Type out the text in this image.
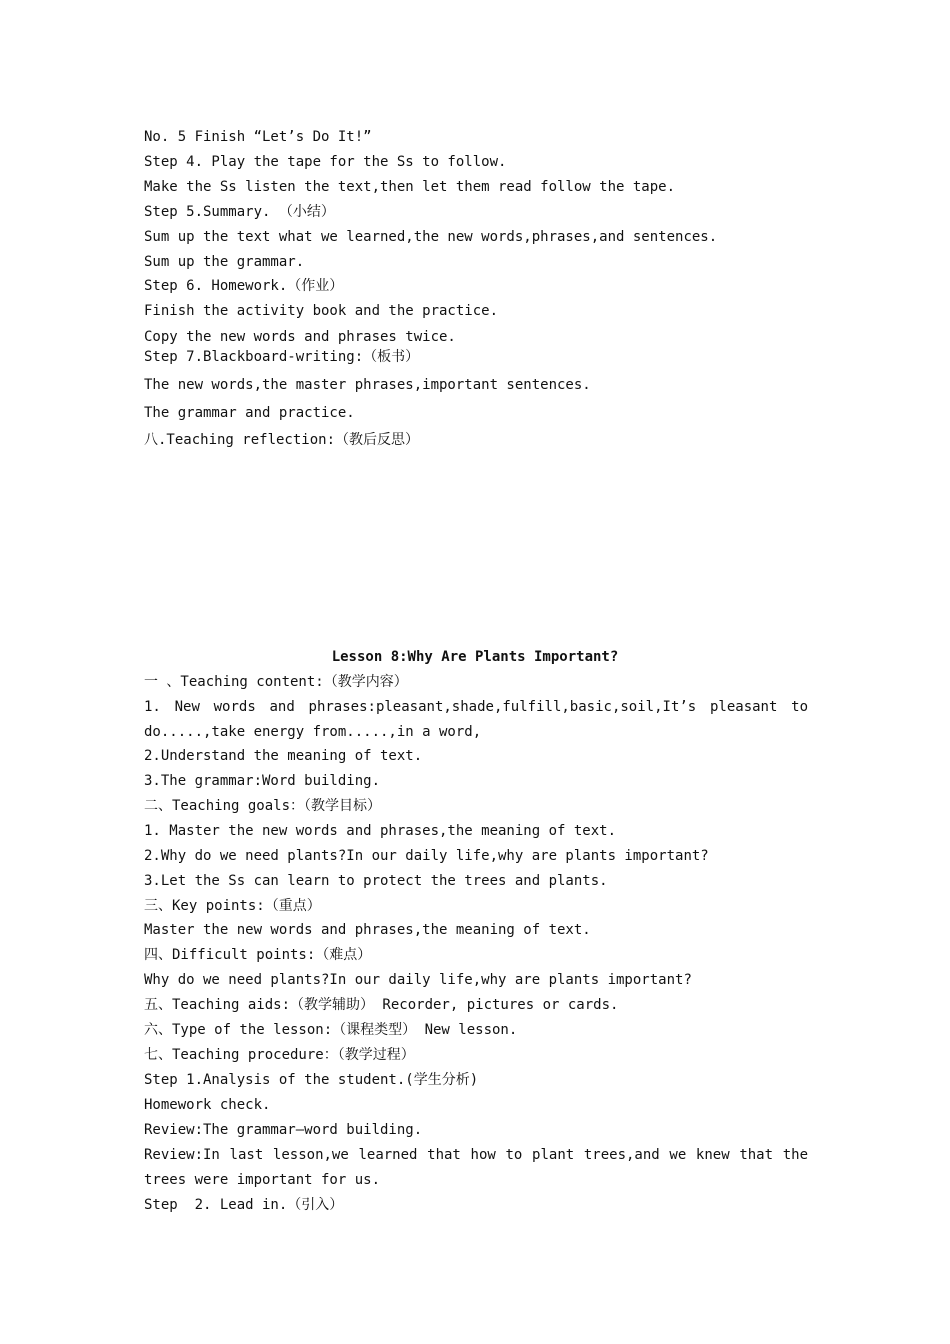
No. 5 Finish “Let’s Do It!”
Step 4. Play the tape for the Ss to follow.
Make the Ss listen the text,then let them read follow the tape.
Step 5.Summary. （小结）
Sum up the text what we learned,the new words,phrases,and sentences.
Sum up the grammar.
Step 6. Homework.（作业）
Finish the activity book and the practice.
Copy the new words and phrases twice.
Step 7.Blackboard-writing:（板书）
The new words,the master phrases,important sentences.
The grammar and practice.
八.Teaching reflection:（教后反思）
Lesson 8:Why Are Plants Important?
一 、Teaching content:（教学内容）
1. New words and phrases:pleasant,shade,fulfill,basic,soil,It’s pleasant to
do.....,take energy from.....,in a word,
2.Understand the meaning of text.
3.The grammar:Word building.
二、Teaching goals：（教学目标）
1. Master the new words and phrases,the meaning of text.
2.Why do we need plants?In our daily life,why are plants important?
3.Let the Ss can learn to protect the trees and plants.
三、Key points:（重点）
Master the new words and phrases,the meaning of text.
四、Difficult points:（难点）
Why do we need plants?In our daily life,why are plants important?
五、Teaching aids:（教学辅助） Recorder, pictures or cards.
六、Type of the lesson:（课程类型） New lesson.
七、Teaching procedure：（教学过程）
Step 1.Analysis of the student.(学生分析)
Homework check.
Review:The grammar—word building.
Review:In last lesson,we learned that how to plant trees,and we knew that the
trees were important for us.
Step  2. Lead in.（引入）
